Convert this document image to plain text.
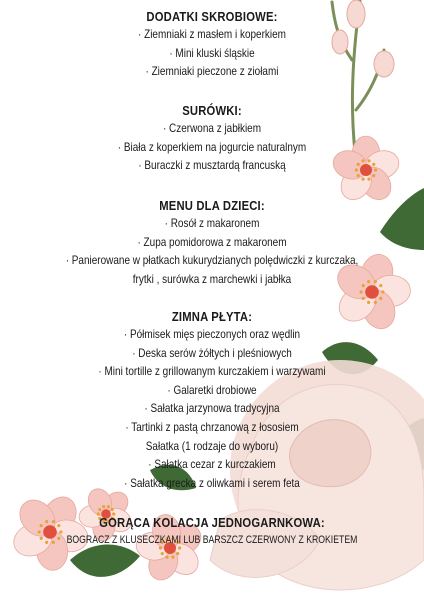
DODATKI SKROBIOWE:

· Ziemniaki z masłem i koperkiem

· Mini kluski śląskie

· Ziemniaki pieczone z ziołami

SURÓWKI:

· Czerwona z jabłkiem

· Biała z koperkiem na jogurcie naturalnym

· Buraczki z musztardą francuską

MENU DLA DZIECI:

· Rosół z makaronem

· Zupa pomidorowa z makaronem

· Panierowane w płatkach kukurydzianych polędwiczki z kurczaka,

frytki , surówka z marchewki i jabłka

ZIMNA PŁYTA:

· Półmisek mięs pieczonych oraz wędlin

· Deska serów żółtych i pleśniowych

· Mini tortille z grillowanym kurczakiem i warzywami

· Galaretki drobiowe

· Sałatka jarzynowa tradycyjna

· Tartinki z pastą chrzanową z łososiem

Sałatka (1 rodzaje do wyboru)

· Sałatka cezar z kurczakiem

· Sałatka grecka z oliwkami i serem feta

GORĄCA KOLACJA JEDNOGARNKOWA:

BOGRACZ Z KLUSECZKAMI LUB BARSZCZ CZERWONY Z KROKIETEM
